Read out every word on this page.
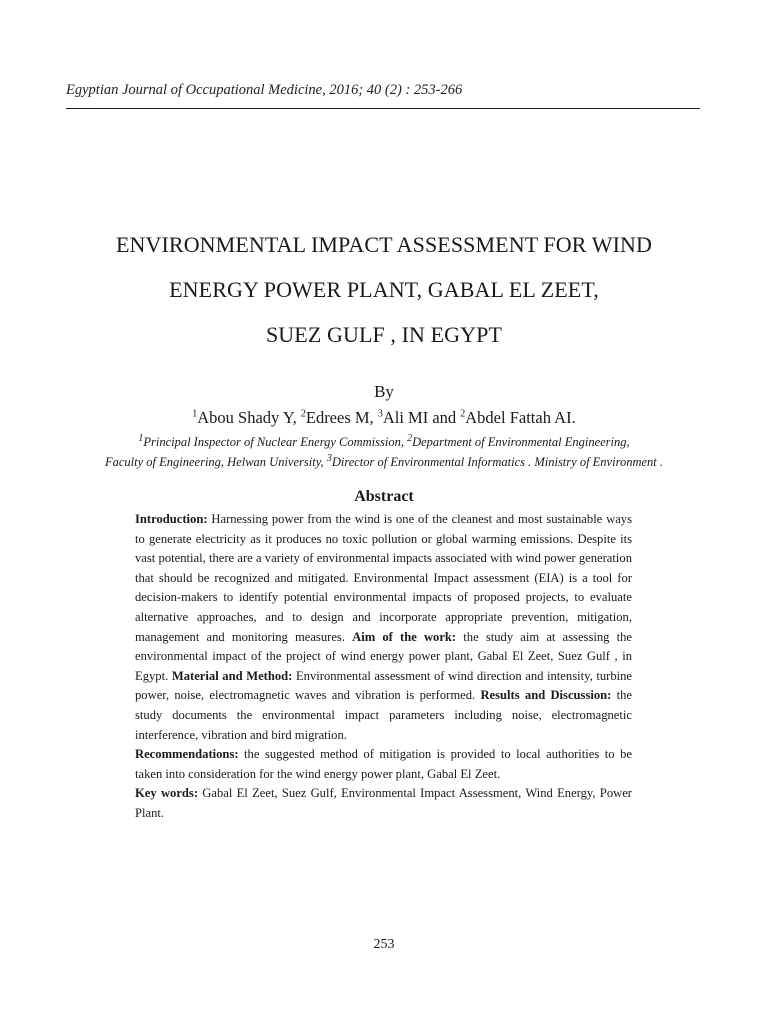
Egyptian Journal of Occupational Medicine, 2016; 40 (2) : 253-266
ENVIRONMENTAL IMPACT ASSESSMENT FOR WIND
ENERGY POWER PLANT, GABAL EL ZEET,
SUEZ GULF , IN EGYPT
By
$^1$Abou Shady Y, $^2$Edrees M, $^3$Ali MI and $^2$Abdel Fattah AI.
$^1$Principal Inspector of Nuclear Energy Commission, $^2$Department of Environmental Engineering,
Faculty of Engineering, Helwan University, $^3$Director of Environmental Informatics . Ministry of Environment .
Abstract

Introduction: Harnessing power from the wind is one of the cleanest and most sustainable ways to generate electricity as it produces no toxic pollution or global warming emissions. Despite its vast potential, there are a variety of environmental impacts associated with wind power generation that should be recognized and mitigated. Environmental Impact assessment (EIA) is a tool for decision-makers to identify potential environmental impacts of proposed projects, to evaluate alternative approaches, and to design and incorporate appropriate prevention, mitigation, management and monitoring measures. Aim of the work: the study aim at assessing the environmental impact of the project of wind energy power plant, Gabal El Zeet, Suez Gulf , in Egypt. Material and Method: Environmental assessment of wind direction and intensity, turbine power, noise, electromagnetic waves and vibration is performed. Results and Discussion: the study documents the environmental impact parameters including noise, electromagnetic interference, vibration and bird migration.
Recommendations: the suggested method of mitigation is provided to local authorities to be taken into consideration for the wind energy power plant, Gabal El Zeet.
Key words: Gabal El Zeet, Suez Gulf, Environmental Impact Assessment, Wind Energy, Power Plant.

253
